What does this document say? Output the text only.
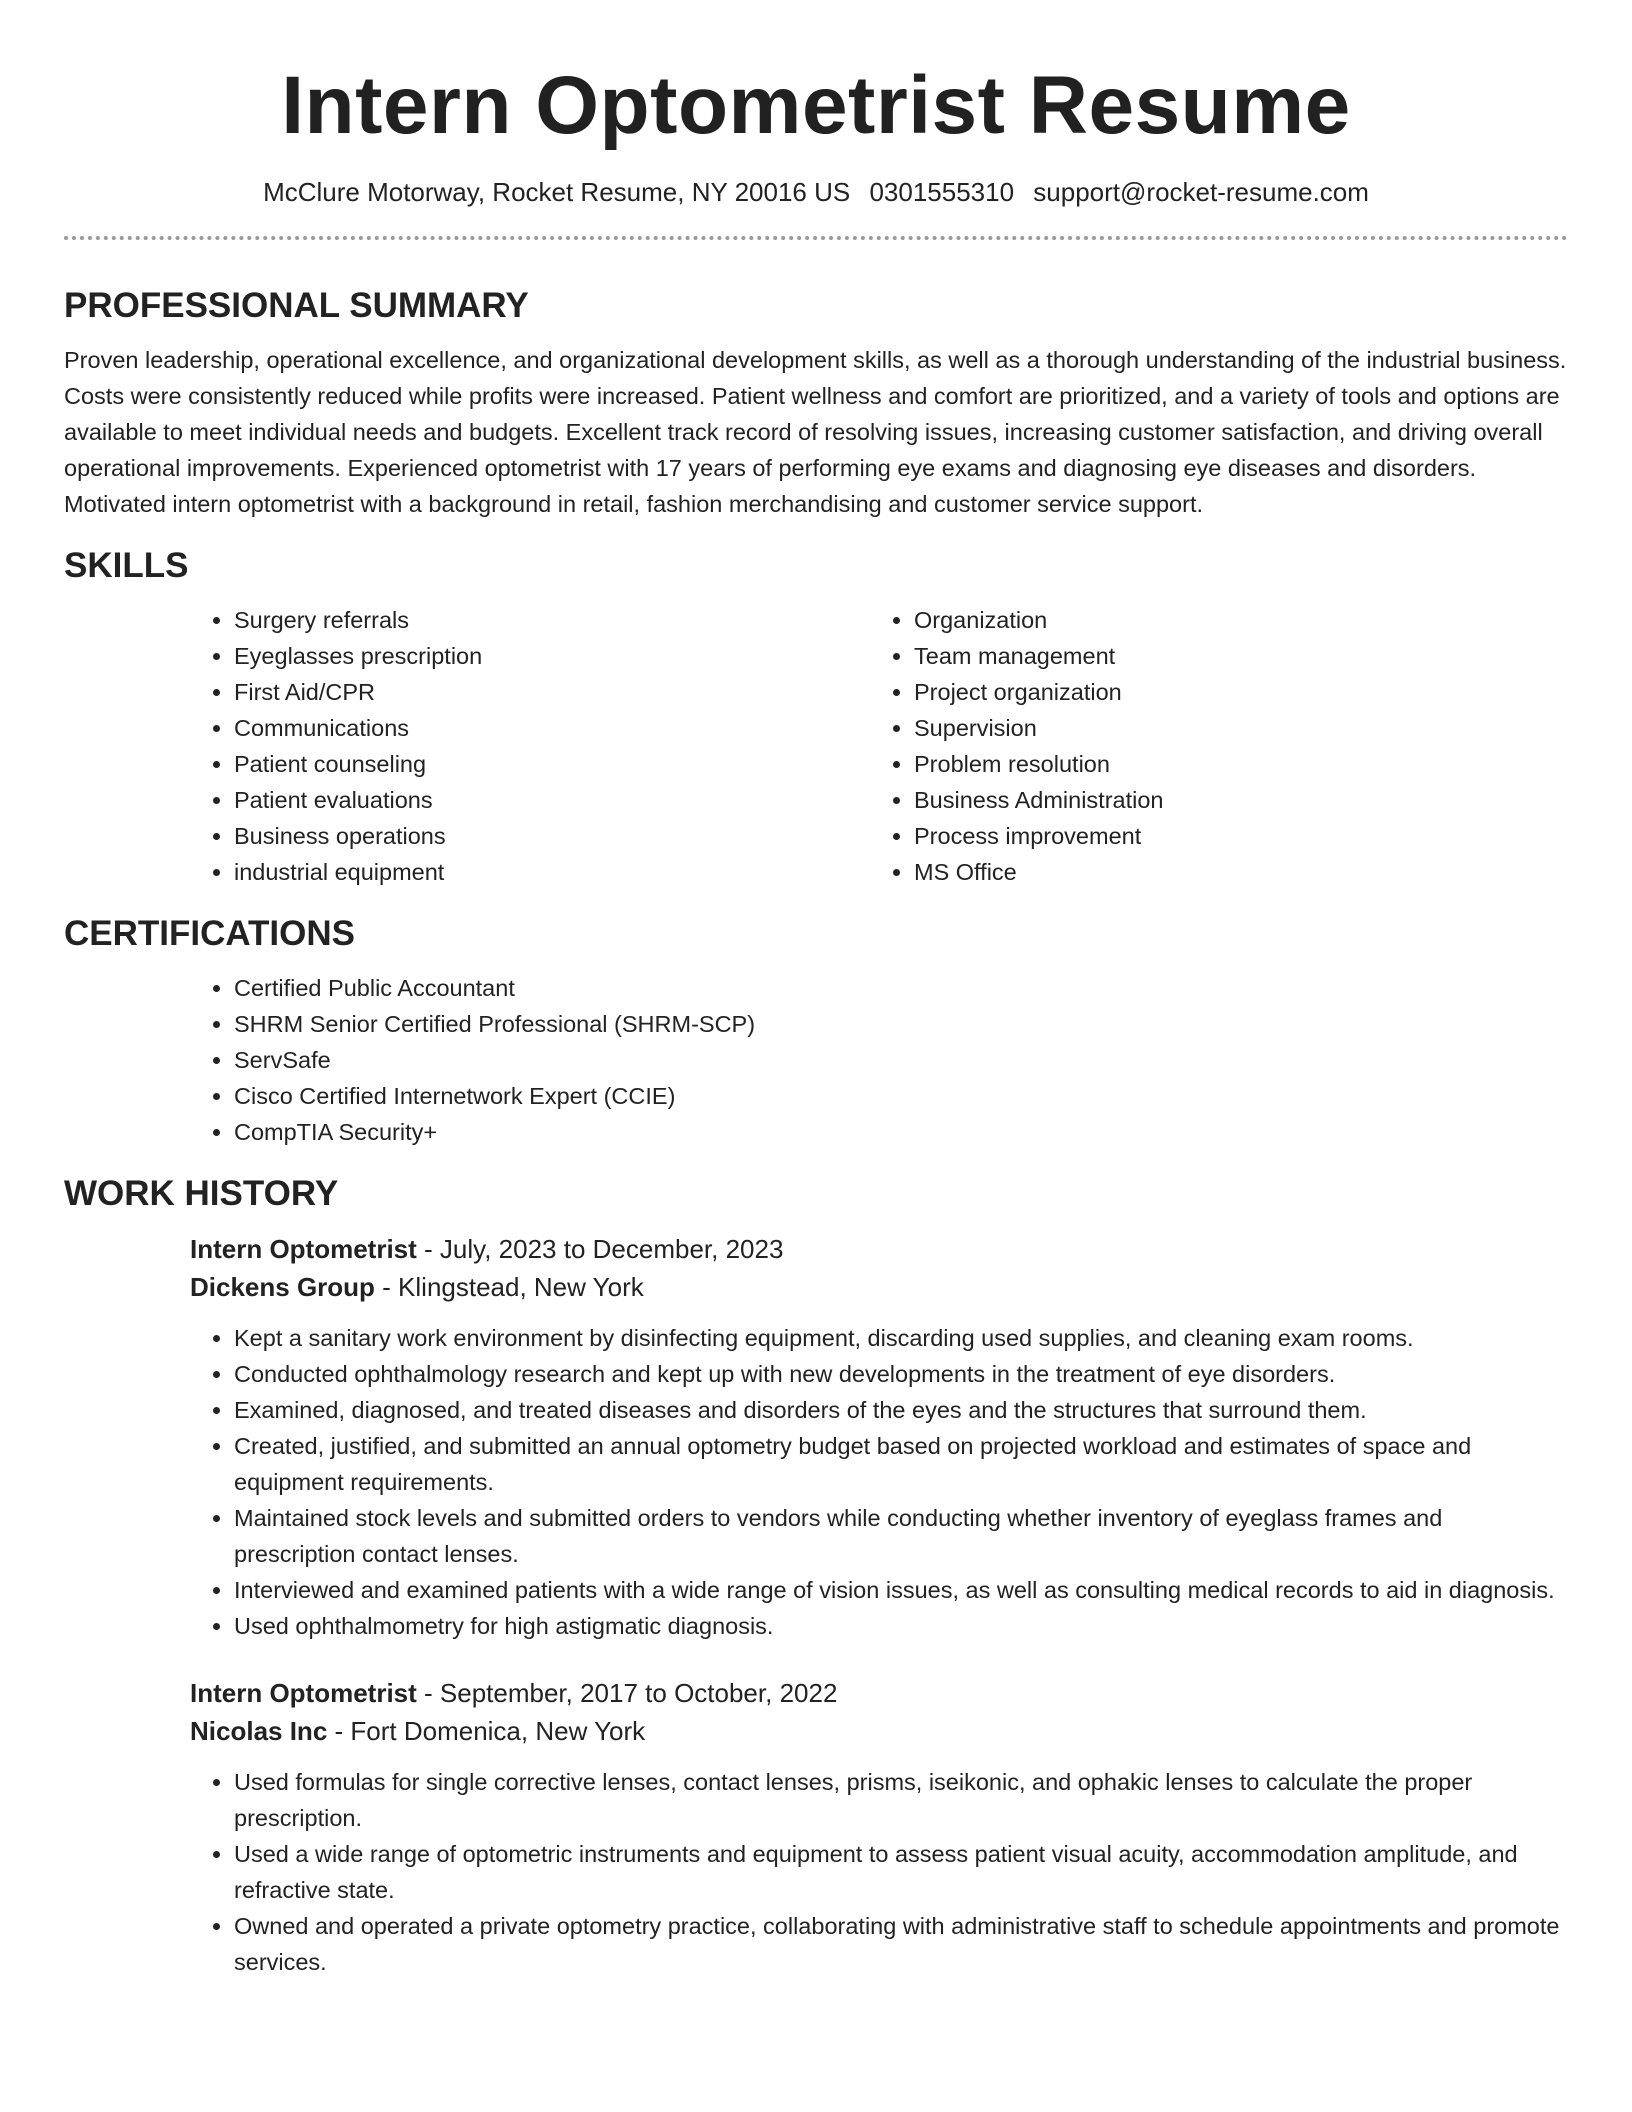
Intern Optometrist Resume
McClure Motorway, Rocket Resume, NY 20016 US 0301555310 support@rocket-resume.com
PROFESSIONAL SUMMARY

Proven leadership, operational excellence, and organizational development skills, as well as a thorough understanding of the industrial business. Costs were consistently reduced while profits were increased. Patient wellness and comfort are prioritized, and a variety of tools and options are available to meet individual needs and budgets. Excellent track record of resolving issues, increasing customer satisfaction, and driving overall operational improvements. Experienced optometrist with 17 years of performing eye exams and diagnosing eye diseases and disorders. Motivated intern optometrist with a background in retail, fashion merchandising and customer service support.

SKILLS
• Surgery referrals
• Eyeglasses prescription
• First Aid/CPR
• Communications
• Patient counseling
• Patient evaluations
• Business operations
• industrial equipment
• Organization
• Team management
• Project organization
• Supervision
• Problem resolution
• Business Administration
• Process improvement
• MS Office
CERTIFICATIONS
• Certified Public Accountant
• SHRM Senior Certified Professional (SHRM-SCP)
• ServSafe
• Cisco Certified Internetwork Expert (CCIE)
• CompTIA Security+
WORK HISTORY
Intern Optometrist - July, 2023 to December, 2023
Dickens Group - Klingstead, New York
• Kept a sanitary work environment by disinfecting equipment, discarding used supplies, and cleaning exam rooms.
• Conducted ophthalmology research and kept up with new developments in the treatment of eye disorders.
• Examined, diagnosed, and treated diseases and disorders of the eyes and the structures that surround them.
• Created, justified, and submitted an annual optometry budget based on projected workload and estimates of space and equipment requirements.
• Maintained stock levels and submitted orders to vendors while conducting whether inventory of eyeglass frames and prescription contact lenses.
• Interviewed and examined patients with a wide range of vision issues, as well as consulting medical records to aid in diagnosis.
• Used ophthalmometry for high astigmatic diagnosis.
Intern Optometrist - September, 2017 to October, 2022
Nicolas Inc - Fort Domenica, New York
• Used formulas for single corrective lenses, contact lenses, prisms, iseikonic, and ophakic lenses to calculate the proper prescription.
• Used a wide range of optometric instruments and equipment to assess patient visual acuity, accommodation amplitude, and refractive state.
• Owned and operated a private optometry practice, collaborating with administrative staff to schedule appointments and promote services.
